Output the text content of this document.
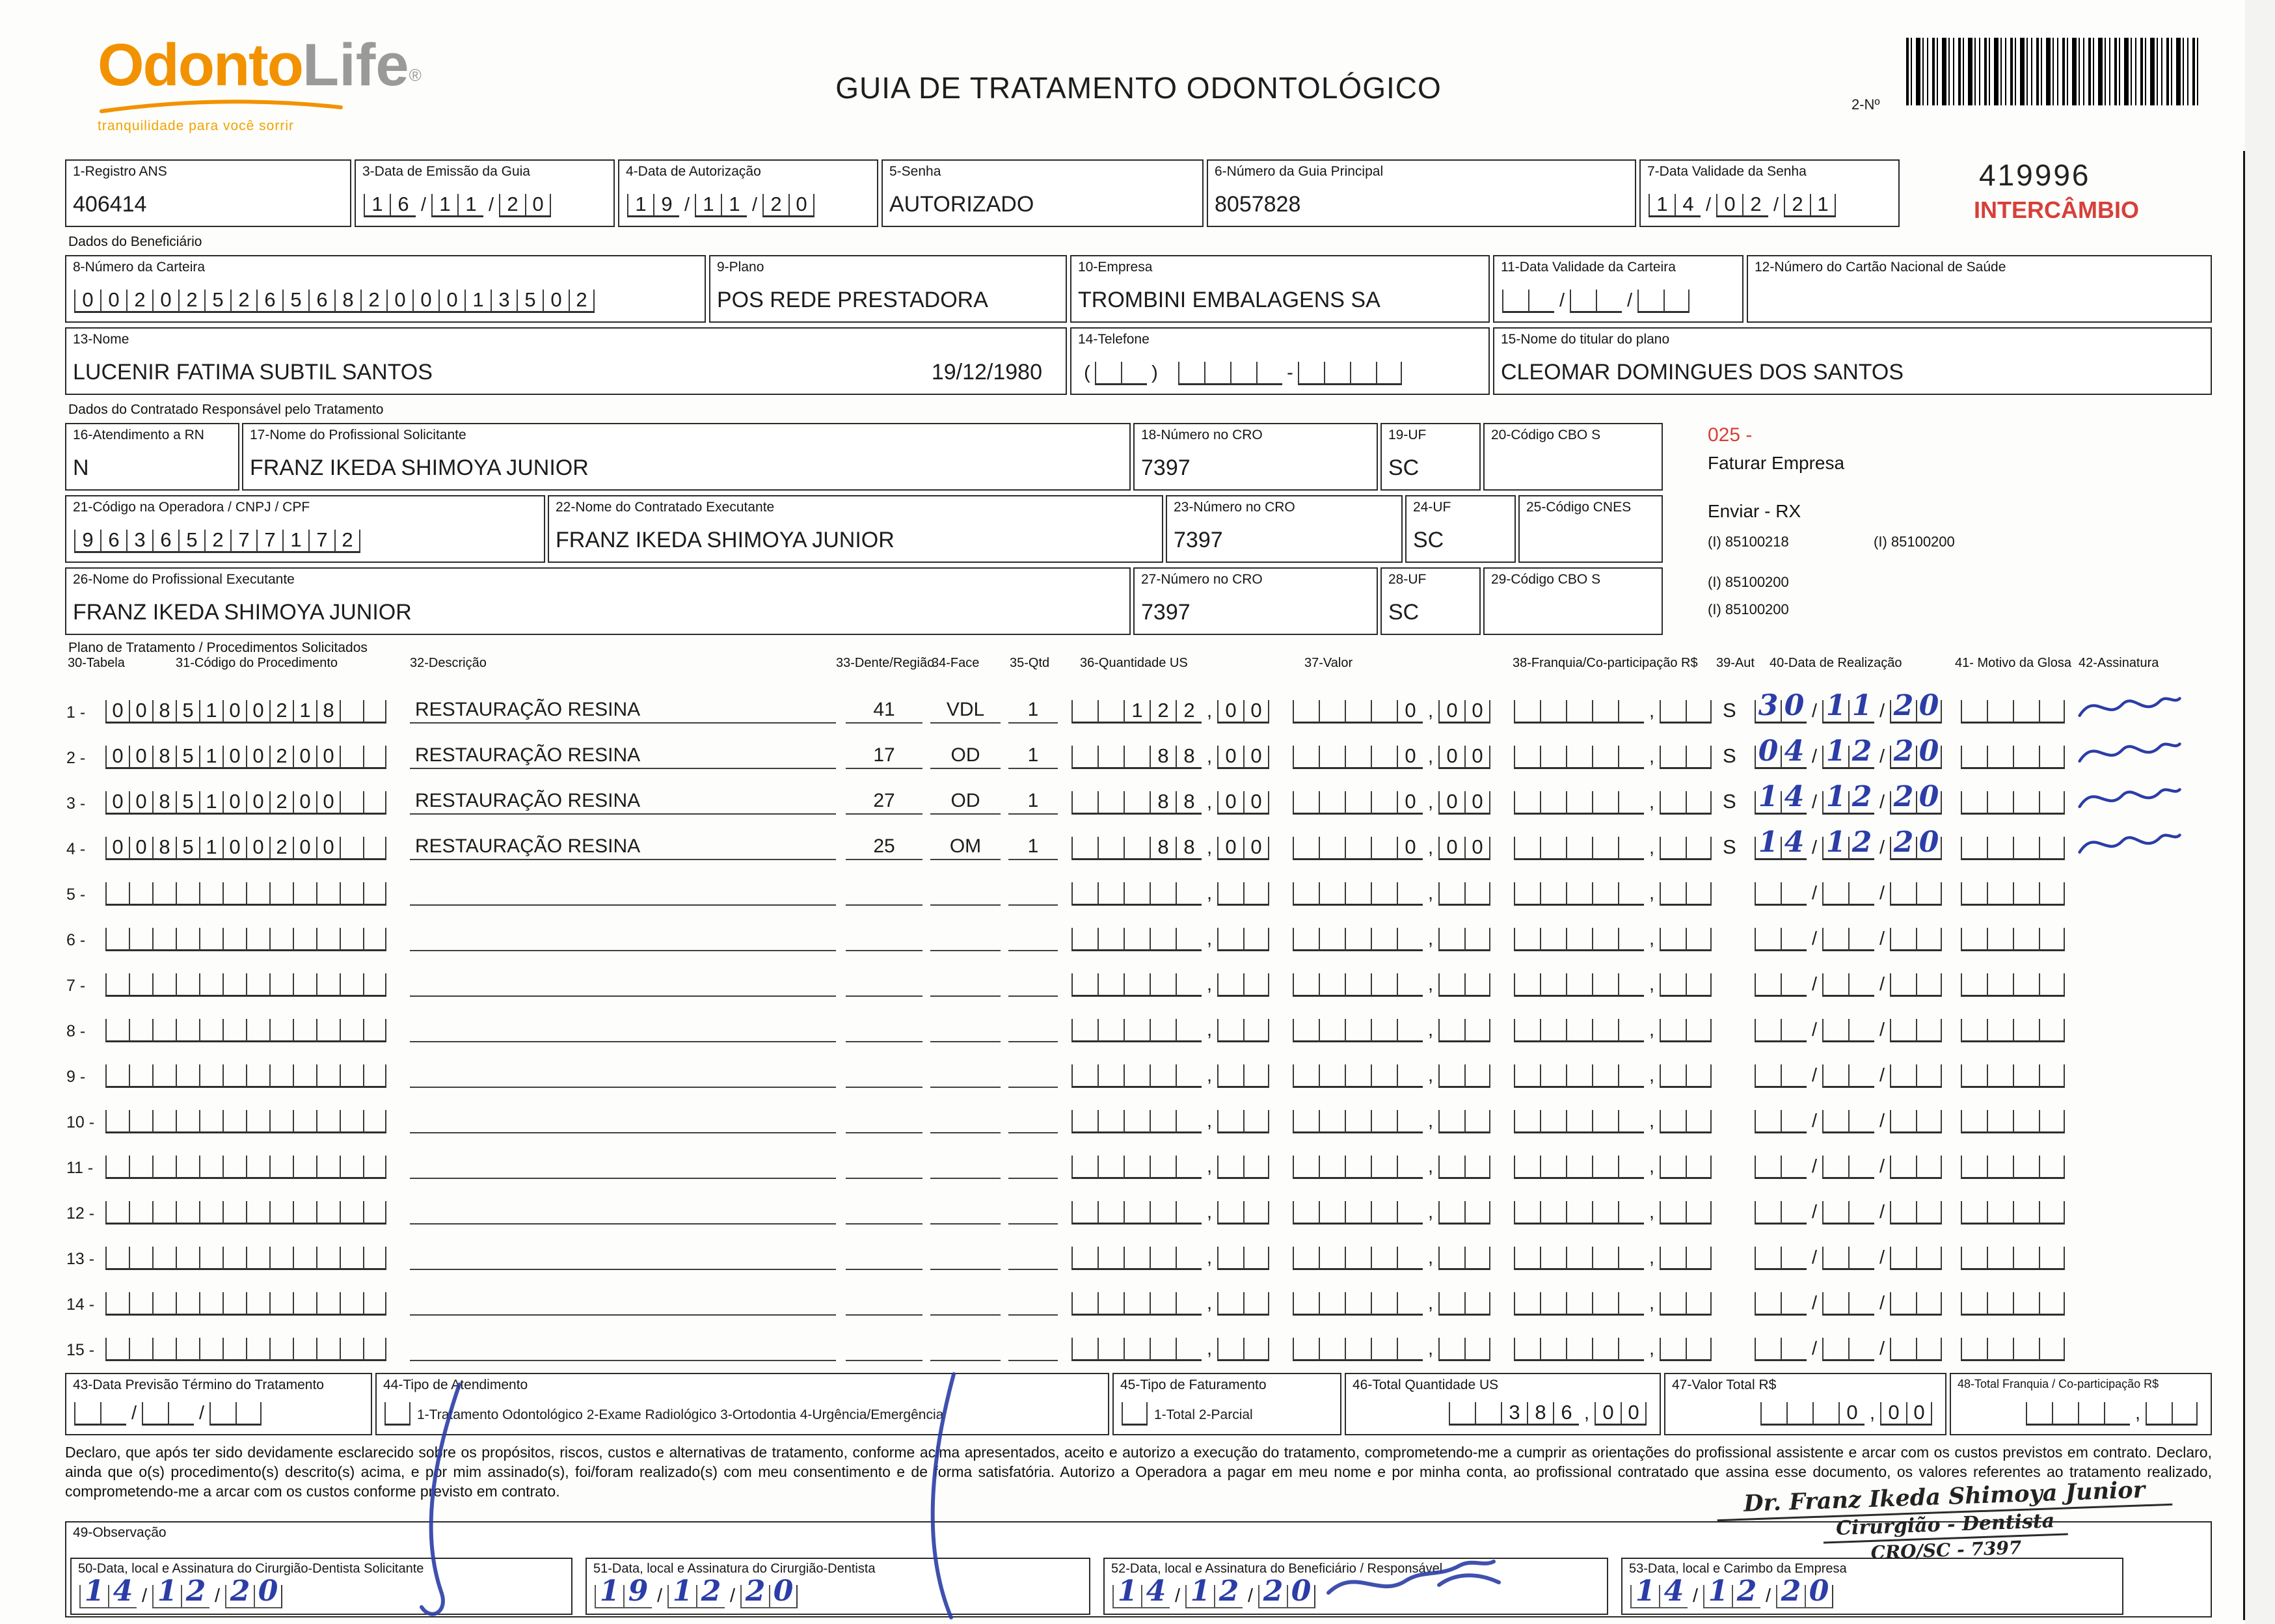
OdontoLife®
tranquilidade para você sorrir
GUIA DE TRATAMENTO ODONTOLÓGICO	2-Nº
419996
INTERCÂMBIO
1-Registro ANS
406414
3-Data de Emissão da Guia
1 6 / 1 1 / 2 0
4-Data de Autorização
1 9 / 1 1 / 2 0
5-Senha
AUTORIZADO
6-Número da Guia Principal
8057828
7-Data Validade da Senha
1 4 / 0 2 / 2 1
Dados do Beneficiário
8-Número da Carteira
0 0 2 0 2 5 2 6 5 6 8 2 0 0 0 1 3 5 0 2
9-Plano
POS REDE PRESTADORA
10-Empresa
TROMBINI EMBALAGENS SA
11-Data Validade da Carteira
/	/
12-Número do Cartão Nacional de Saúde
13-Nome
LUCENIR FATIMA SUBTIL SANTOS	19/12/1980
14-Telefone
(	)	-
15-Nome do titular do plano
CLEOMAR DOMINGUES DOS SANTOS
Dados do Contratado Responsável pelo Tratamento
16-Atendimento a RN
N
17-Nome do Profissional Solicitante
FRANZ IKEDA SHIMOYA JUNIOR
18-Número no CRO
7397
19-UF
SC
20-Código CBO S
21-Código na Operadora / CNPJ / CPF
9 6 3 6 5 2 7 7 1 7 2
22-Nome do Contratado Executante
FRANZ IKEDA SHIMOYA JUNIOR
23-Número no CRO
7397
24-UF
SC
25-Código CNES
26-Nome do Profissional Executante
FRANZ IKEDA SHIMOYA JUNIOR
27-Número no CRO
7397
28-UF
SC
29-Código CBO S
025 -
Faturar Empresa
Enviar - RX
(I) 85100218	(I) 85100200
(I) 85100200
(I) 85100200
Plano de Tratamento / Procedimentos Solicitados
30-Tabela	31-Código do Procedimento	32-Descrição	33-Dente/Região
34-Face 35-Qtd 36-Quantidade US	37-Valor	38-Franquia/Co-participação R$ 39-Aut 40-Data de Realização	41- Motivo da Glosa 42-Assinatura
1 -	0 0 8 5 1 0 0 2 1 8	RESTAURAÇÃO RESINA	41	VDL	1	1 2 2 , 0 0	0 , 0 0	,	S 3 0 / 1 1 / 2 0
2 -	0 0 8 5 1 0 0 2 0 0	RESTAURAÇÃO RESINA	17	OD	1	8 8 , 0 0	0 , 0 0	,	S 0 4 / 1 2 / 2 0
3 -	0 0 8 5 1 0 0 2 0 0	RESTAURAÇÃO RESINA	27	OD	1	8 8 , 0 0	0 , 0 0	,	S 1 4 / 1 2 / 2 0
4 -	0 0 8 5 1 0 0 2 0 0	RESTAURAÇÃO RESINA	25	OM	1	8 8 , 0 0	0 , 0 0	,	S 1 4 / 1 2 / 2 0
5 -	,	,	,	/	/
6 -	,	,	,	/	/
7 -	,	,	,	/	/
8 -	,	,	,	/	/
9 -	,	,	,	/	/
10 -	,	,	,	/	/
11 -	,	,	,	/	/
12 -	,	,	,	/	/
13 -	,	,	,	/	/
14 -	,	,	,	/	/
15 -	,	,	,	/	/
43-Data Previsão Término do Tratamento
/	/
44-Tipo de Atendimento
1-Tratamento Odontológico 2-Exame Radiológico 3-Ortodontia 4-Urgência/Emergência
45-Tipo de Faturamento
1-Total 2-Parcial
46-Total Quantidade US
3 8 6 , 0 0
47-Valor Total R$
0 , 0 0
48-Total Franquia / Co-participação R$
,
Declaro, que após ter sido devidamente esclarecido sobre os propósitos, riscos, custos e alternativas de tratamento, conforme acima apresentados, aceito e autorizo a execução do tratamento, comprometendo-me a cumprir as orientações do profissional assistente e arcar com os custos previstos em contrato. Declaro, ainda que o(s) procedimento(s) descrito(s) acima, e por mim assinado(s), foi/foram realizado(s) com meu consentimento e de forma satisfatória. Autorizo a Operadora a pagar em meu nome e por minha conta, ao profissional contratado que assina esse documento, os valores referentes ao tratamento realizado, comprometendo-me a arcar com os custos conforme previsto em contrato.
49-Observação
50-Data, local e Assinatura do Cirurgião-Dentista Solicitante
1 4 / 1 2 / 2 0
51-Data, local e Assinatura do Cirurgião-Dentista
1 9 / 1 2 / 2 0
52-Data, local e Assinatura do Beneficiário / Responsável
1 4 / 1 2 / 2 0
53-Data, local e Carimbo da Empresa
1 4 / 1 2 / 2 0
Dr. Franz Ikeda Shimoya Junior
Cirurgião - Dentista
CRO/SC - 7397
